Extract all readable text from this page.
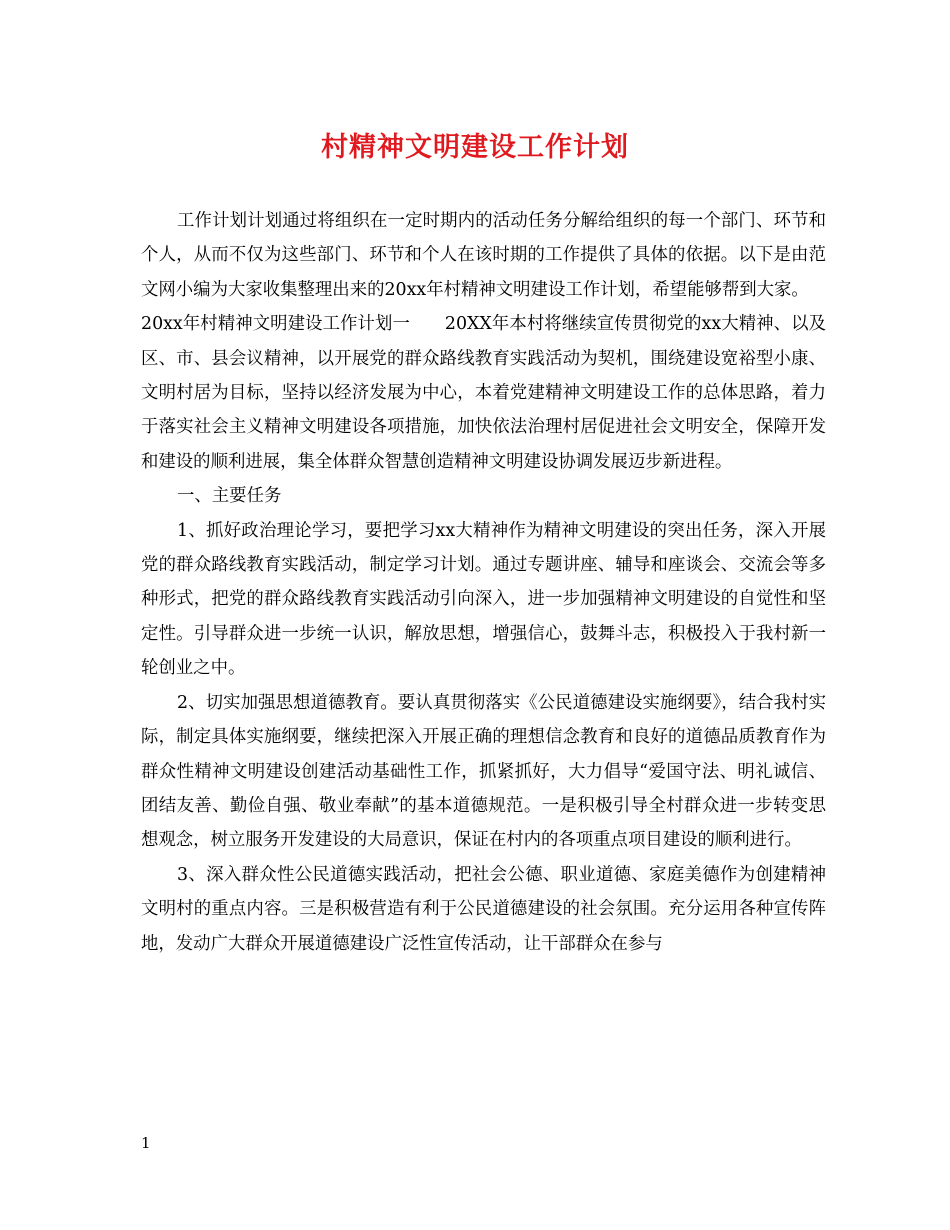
村精神文明建设工作计划

工作计划计划通过将组织在一定时期内的活动任务分解给组织的每一个部门、环节和个人，从而不仅为这些部门、环节和个人在该时期的工作提供了具体的依据。以下是由范文网小编为大家收集整理出来的20xx年村精神文明建设工作计划，希望能够帮到大家。

20xx年村精神文明建设工作计划一　　20XX年本村将继续宣传贯彻党的xx大精神、以及区、市、县会议精神，以开展党的群众路线教育实践活动为契机，围绕建设宽裕型小康、文明村居为目标，坚持以经济发展为中心，本着党建精神文明建设工作的总体思路，着力于落实社会主义精神文明建设各项措施，加快依法治理村居促进社会文明安全，保障开发和建设的顺利进展，集全体群众智慧创造精神文明建设协调发展迈步新进程。

一、主要任务

1、抓好政治理论学习，要把学习xx大精神作为精神文明建设的突出任务，深入开展党的群众路线教育实践活动，制定学习计划。通过专题讲座、辅导和座谈会、交流会等多种形式，把党的群众路线教育实践活动引向深入，进一步加强精神文明建设的自觉性和坚定性。引导群众进一步统一认识，解放思想，增强信心，鼓舞斗志，积极投入于我村新一轮创业之中。

2、切实加强思想道德教育。要认真贯彻落实《公民道德建设实施纲要》，结合我村实际，制定具体实施纲要，继续把深入开展正确的理想信念教育和良好的道德品质教育作为群众性精神文明建设创建活动基础性工作，抓紧抓好，大力倡导“爱国守法、明礼诚信、团结友善、勤俭自强、敬业奉献”的基本道德规范。一是积极引导全村群众进一步转变思想观念，树立服务开发建设的大局意识，保证在村内的各项重点项目建设的顺利进行。

3、深入群众性公民道德实践活动，把社会公德、职业道德、家庭美德作为创建精神文明村的重点内容。三是积极营造有利于公民道德建设的社会氛围。充分运用各种宣传阵地，发动广大群众开展道德建设广泛性宣传活动，让干部群众在参与

1
